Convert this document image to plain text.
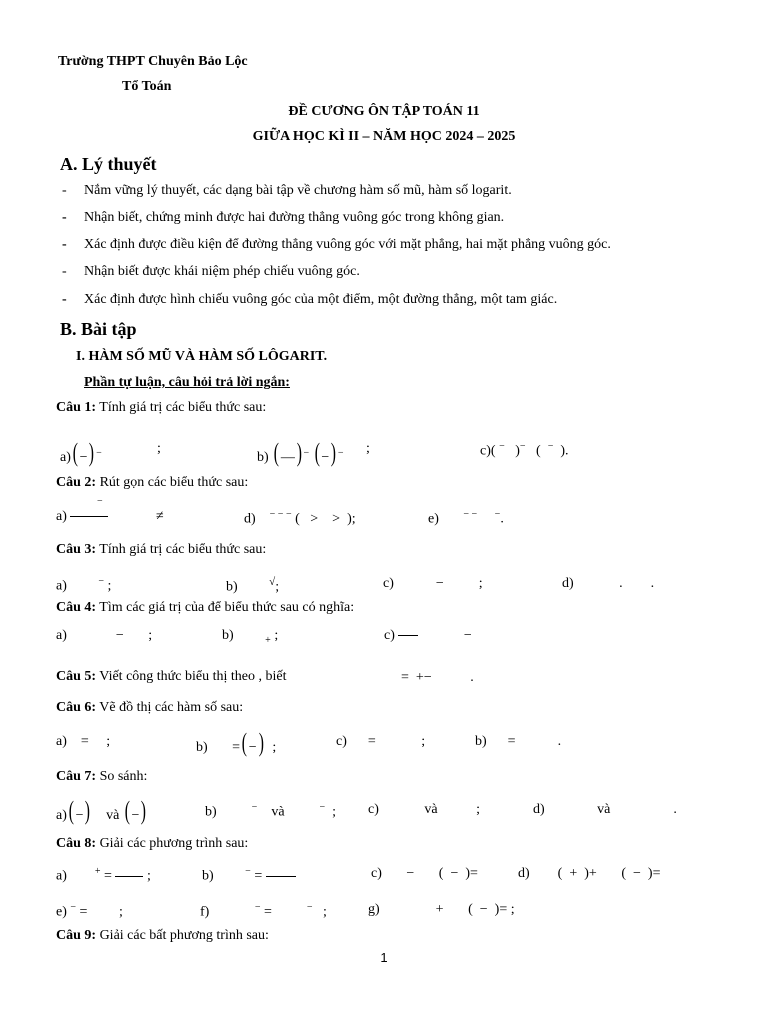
Trường THPT Chuyên Bảo Lộc
Tổ Toán
ĐỀ CƯƠNG ÔN TẬP TOÁN 11
GIỮA HỌC KÌ II – NĂM HỌC 2024 – 2025
A. Lý thuyết
- Nắm vững lý thuyết, các dạng bài tập về chương hàm số mũ, hàm số logarit.
- Nhận biết, chứng minh được hai đường thẳng vuông góc trong không gian.
- Xác định được điều kiện để đường thẳng vuông góc với mặt phẳng, hai mặt phẳng vuông góc.
- Nhận biết được khái niệm phép chiếu vuông góc.
- Xác định được hình chiếu vuông góc của một điểm, một đường thẳng, một tam giác.
B. Bài tập
I. HÀM SỐ MŨ VÀ HÀM SỐ LÔGARIT.
Phần tự luận, câu hỏi trả lời ngắn:
Câu 1: Tính giá trị các biểu thức sau:
a)( −) −	;
b) ( —) − ( −) − ;	c)( − )− ( − ).
Câu 2: Rút gọn các biểu thức sau:
a)
−
≠	d) − − − ( > > );	e) − − −.
Câu 3: Tính giá trị các biểu thức sau:
a)	− ;	b)	√;	c)	−	;	d)	. .
Câu 4: Tìm các giá trị của để biểu thức sau có nghĩa:
a)	− ;	b)	$_+$ ;	c)	−
Câu 5: Viết công thức biểu thị theo , biết	= +−	.
Câu 6: Vẽ đồ thị các hàm số sau:
a) = ;	b) =( −) ;	c) =	;	b) =	.
Câu 7: So sánh:
a)( −) và ( −)	b)	− và	− ; c)	và	;	d)	và	.
Câu 8: Giải các phương trình sau:
a)	+ =	;	b)	− =	c) − ( − )=	d) ( + )+ ( − )=
e) − = ;	f)	− =	− ;	g)	+ ( − )= ;
Câu 9: Giải các bất phương trình sau:
1
